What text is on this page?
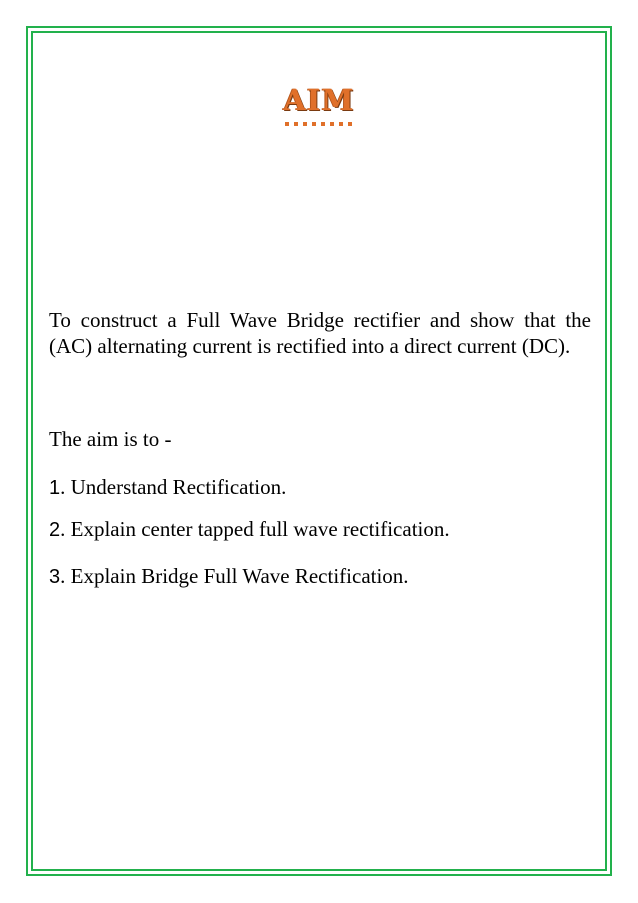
AIM
To construct a Full Wave Bridge rectifier and show that the (AC) alternating current is rectified into a direct current (DC).
The aim is to -
1. Understand Rectification.
2. Explain center tapped full wave rectification.
3. Explain Bridge Full Wave Rectification.
